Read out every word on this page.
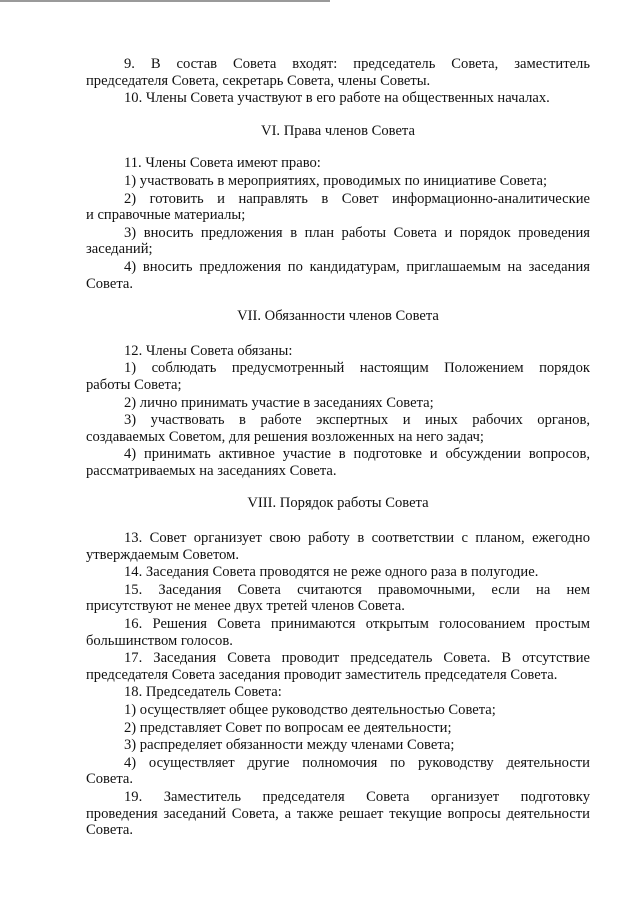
9. В состав Совета входят: председатель Совета, заместитель

председателя Совета, секретарь Совета, члены Советы.

10. Члены Совета участвуют в его работе на общественных началах.

VI. Права членов Совета

11. Члены Совета имеют право:

1) участвовать в мероприятиях, проводимых по инициативе Совета;

2) готовить и направлять в Совет информационно-аналитические

и справочные материалы;

3) вносить предложения в план работы Совета и порядок проведения

заседаний;

4) вносить предложения по кандидатурам, приглашаемым на заседания

Совета.

VII. Обязанности членов Совета

12. Члены Совета обязаны:

1) соблюдать предусмотренный настоящим Положением порядок

работы Совета;

2) лично принимать участие в заседаниях Совета;

3) участвовать в работе экспертных и иных рабочих органов,

создаваемых Советом, для решения возложенных на него задач;

4) принимать активное участие в подготовке и обсуждении вопросов,

рассматриваемых на заседаниях Совета.

VIII. Порядок работы Совета

13. Совет организует свою работу в соответствии с планом, ежегодно

утверждаемым Советом.

14. Заседания Совета проводятся не реже одного раза в полугодие.

15. Заседания Совета считаются правомочными, если на нем

присутствуют не менее двух третей членов Совета.

16. Решения Совета принимаются открытым голосованием простым

большинством голосов.

17. Заседания Совета проводит председатель Совета. В отсутствие

председателя Совета заседания проводит заместитель председателя Совета.

18. Председатель Совета:

1) осуществляет общее руководство деятельностью Совета;

2) представляет Совет по вопросам ее деятельности;

3) распределяет обязанности между членами Совета;

4) осуществляет другие полномочия по руководству деятельности

Совета.

19. Заместитель председателя Совета организует подготовку

проведения заседаний Совета, а также решает текущие вопросы деятельности

Совета.
